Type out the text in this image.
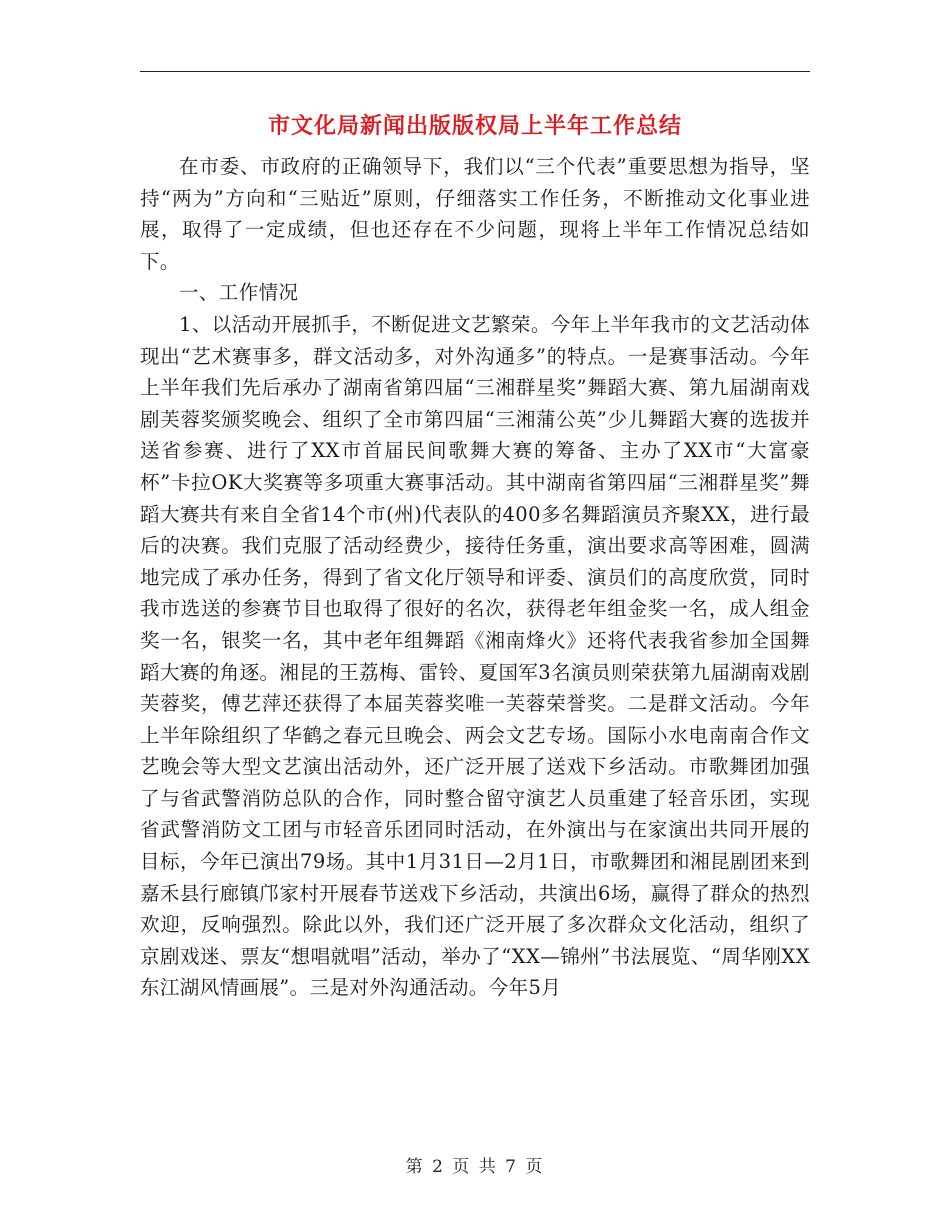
市文化局新闻出版版权局上半年工作总结

在市委、市政府的正确领导下，我们以“三个代表”重要思想为指导，坚持“两为”方向和“三贴近”原则，仔细落实工作任务，不断推动文化事业进展，取得了一定成绩，但也还存在不少问题，现将上半年工作情况总结如下。

一、工作情况

1、以活动开展抓手，不断促进文艺繁荣。今年上半年我市的文艺活动体现出“艺术赛事多，群文活动多，对外沟通多”的特点。一是赛事活动。今年上半年我们先后承办了湖南省第四届“三湘群星奖”舞蹈大赛、第九届湖南戏剧芙蓉奖颁奖晚会、组织了全市第四届“三湘蒲公英”少儿舞蹈大赛的选拔并送省参赛、进行了XX市首届民间歌舞大赛的筹备、主办了XX市“大富豪杯”卡拉OK大奖赛等多项重大赛事活动。其中湖南省第四届“三湘群星奖”舞蹈大赛共有来自全省14个市(州)代表队的400多名舞蹈演员齐聚XX，进行最后的决赛。我们克服了活动经费少，接待任务重，演出要求高等困难，圆满地完成了承办任务，得到了省文化厅领导和评委、演员们的高度欣赏，同时我市选送的参赛节目也取得了很好的名次，获得老年组金奖一名，成人组金奖一名，银奖一名，其中老年组舞蹈《湘南烽火》还将代表我省参加全国舞蹈大赛的角逐。湘昆的王荔梅、雷铃、夏国军3名演员则荣获第九届湖南戏剧芙蓉奖，傅艺萍还获得了本届芙蓉奖唯一芙蓉荣誉奖。二是群文活动。今年上半年除组织了华鹤之春元旦晚会、两会文艺专场。国际小水电南南合作文艺晚会等大型文艺演出活动外，还广泛开展了送戏下乡活动。市歌舞团加强了与省武警消防总队的合作，同时整合留守演艺人员重建了轻音乐团，实现省武警消防文工团与市轻音乐团同时活动，在外演出与在家演出共同开展的目标，今年已演出79场。其中1月31日—2月1日，市歌舞团和湘昆剧团来到嘉禾县行廊镇邝家村开展春节送戏下乡活动，共演出6场，赢得了群众的热烈欢迎，反响强烈。除此以外，我们还广泛开展了多次群众文化活动，组织了京剧戏迷、票友“想唱就唱”活动，举办了“XX—锦州”书法展览、“周华刚XX东江湖风情画展”。三是对外沟通活动。今年5月

第 2 页 共 7 页
